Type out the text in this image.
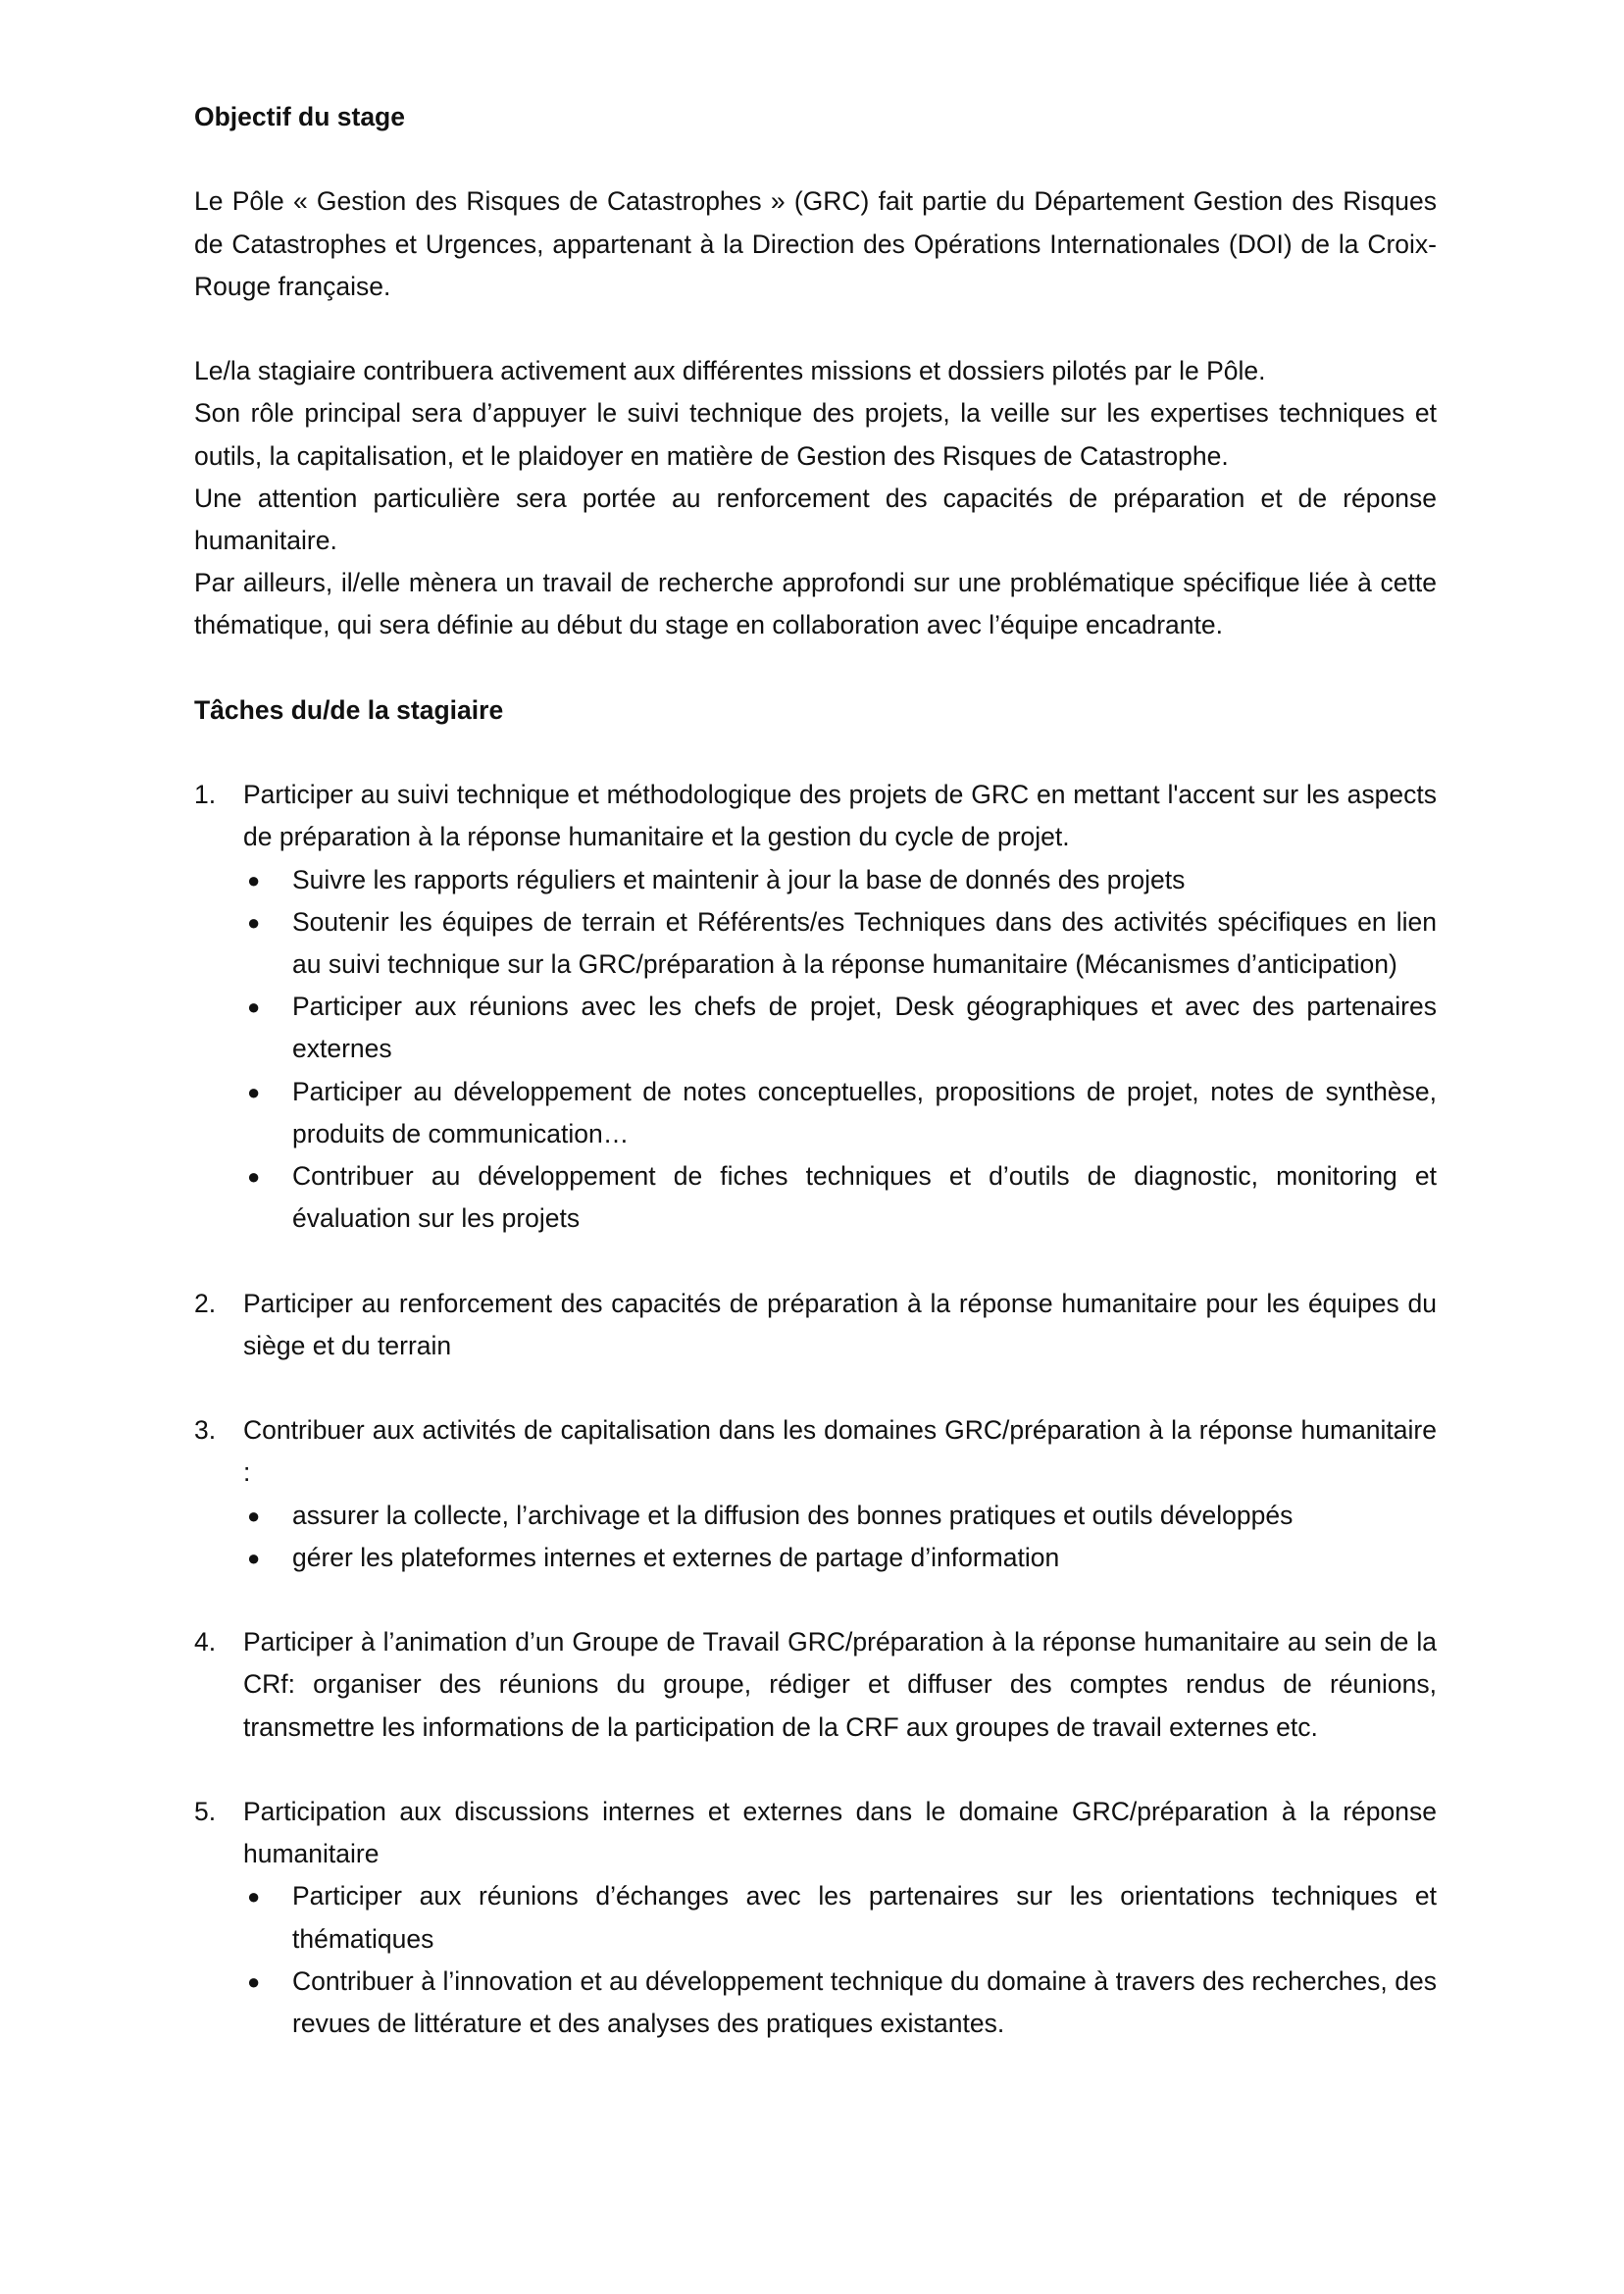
Objectif du stage

Le Pôle « Gestion des Risques de Catastrophes » (GRC) fait partie du Département Gestion des Risques de Catastrophes et Urgences, appartenant à la Direction des Opérations Internationales (DOI) de la Croix-Rouge française.

Le/la stagiaire contribuera activement aux différentes missions et dossiers pilotés par le Pôle.

Son rôle principal sera d’appuyer le suivi technique des projets, la veille sur les expertises techniques et outils, la capitalisation, et le plaidoyer en matière de Gestion des Risques de Catastrophe.

Une attention particulière sera portée au renforcement des capacités de préparation et de réponse humanitaire.

Par ailleurs, il/elle mènera un travail de recherche approfondi sur une problématique spécifique liée à cette thématique, qui sera définie au début du stage en collaboration avec l’équipe encadrante.

Tâches du/de la stagiaire

1. Participer au suivi technique et méthodologique des projets de GRC en mettant l'accent sur les aspects de préparation à la réponse humanitaire et la gestion du cycle de projet.

● Suivre les rapports réguliers et maintenir à jour la base de donnés des projets
● Soutenir les équipes de terrain et Référents/es Techniques dans des activités spécifiques en lien au suivi technique sur la GRC/préparation à la réponse humanitaire (Mécanismes d’anticipation)
● Participer aux réunions avec les chefs de projet, Desk géographiques et avec des partenaires externes
● Participer au développement de notes conceptuelles, propositions de projet, notes de synthèse, produits de communication…
● Contribuer au développement de fiches techniques et d’outils de diagnostic, monitoring et évaluation sur les projets
2. Participer au renforcement des capacités de préparation à la réponse humanitaire pour les équipes du siège et du terrain

3. Contribuer aux activités de capitalisation dans les domaines GRC/préparation à la réponse humanitaire :

● assurer la collecte, l’archivage et la diffusion des bonnes pratiques et outils développés
● gérer les plateformes internes et externes de partage d’information
4. Participer à l’animation d’un Groupe de Travail GRC/préparation à la réponse humanitaire au sein de la CRf: organiser des réunions du groupe, rédiger et diffuser des comptes rendus de réunions, transmettre les informations de la participation de la CRF aux groupes de travail externes etc.

5. Participation aux discussions internes et externes dans le domaine GRC/préparation à la réponse humanitaire

● Participer aux réunions d’échanges avec les partenaires sur les orientations techniques et thématiques
● Contribuer à l’innovation et au développement technique du domaine à travers des recherches, des revues de littérature et des analyses des pratiques existantes.
